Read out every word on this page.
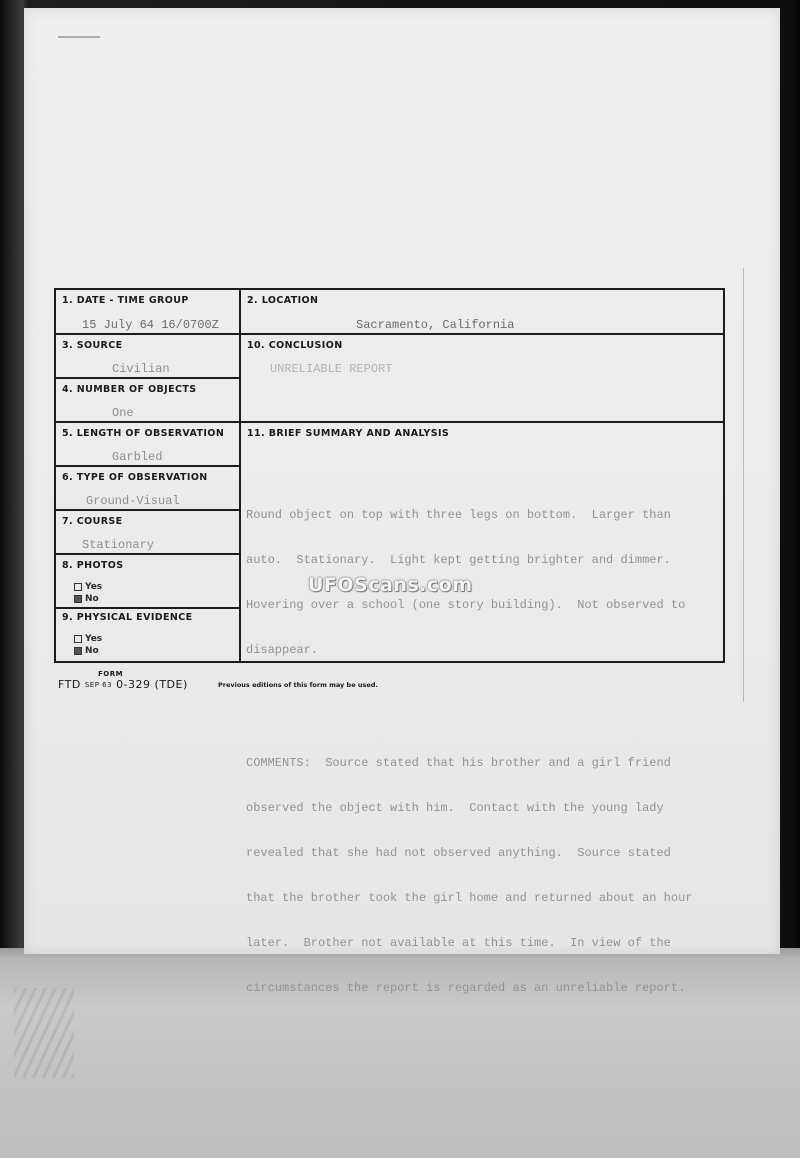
1. DATE - TIME GROUP
15 July 64 16/0700Z
2. LOCATION
Sacramento, California
3. SOURCE
Civilian
10. CONCLUSION
UNRELIABLE REPORT
4. NUMBER OF OBJECTS
One
5. LENGTH OF OBSERVATION
Garbled
11. BRIEF SUMMARY AND ANALYSIS

Round object on top with three legs on bottom.  Larger than

auto.  Stationary.  Light kept getting brighter and dimmer.

Hovering over a school (one story building).  Not observed to

disappear.

COMMENTS:  Source stated that his brother and a girl friend

observed the object with him.  Contact with the young lady

revealed that she had not observed anything.  Source stated

that the brother took the girl home and returned about an hour

later.  Brother not available at this time.  In view of the

circumstances the report is regarded as an unreliable report.

6. TYPE OF OBSERVATION
Ground-Visual
7. COURSE
Stationary
8. PHOTOS
Yes
No
9. PHYSICAL EVIDENCE
Yes
No
UFOScans.com
FORM
FTD SEP 63 0-329 (TDE)	Previous editions of this form may be used.
